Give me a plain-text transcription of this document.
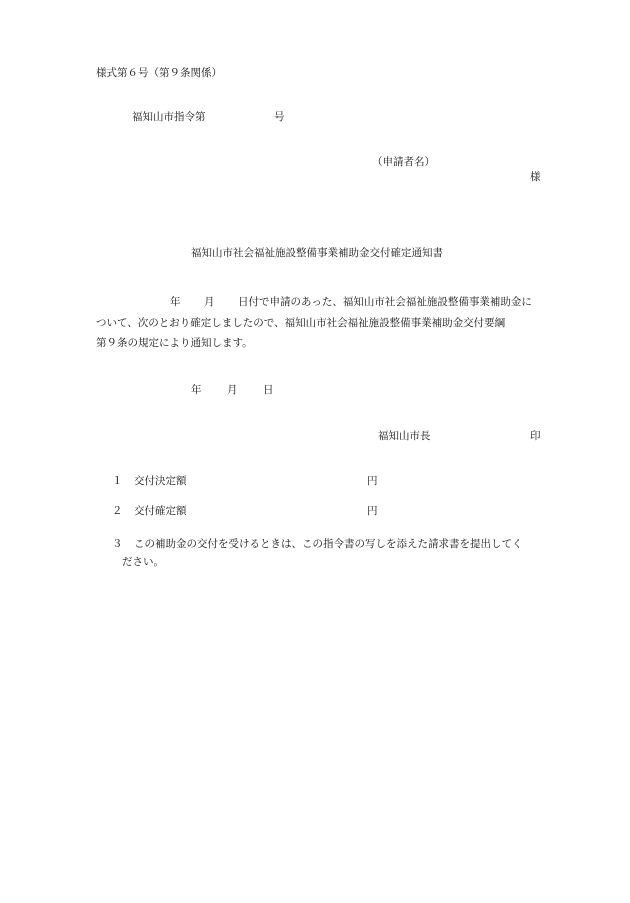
様式第６号（第９条関係）
福知山市指令第	号
（申請者名）
様
福知山市社会福祉施設整備事業補助金交付確定通知書
年 月 日付で申請のあった、福知山市社会福祉施設整備事業補助金に
ついて、次のとおり確定しましたので、福知山市社会福祉施設整備事業補助金交付要綱
第９条の規定により通知します。
年 月 日
福知山市長	印
１ 交付決定額	円
２ 交付確定額	円
３ この補助金の交付を受けるときは、この指令書の写しを添えた請求書を提出してく
ださい。
